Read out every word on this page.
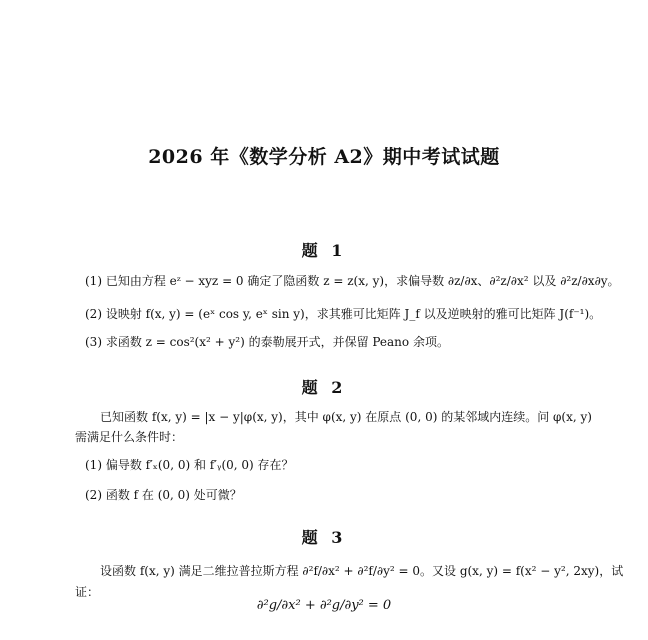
2026 年《数学分析 A2》期中考试试题
题 1
(1) 已知由方程 eᶻ − xyz = 0 确定了隐函数 z = z(x, y)，求偏导数 ∂z/∂x、∂²z/∂x² 以及 ∂²z/∂x∂y。
(2) 设映射 f(x, y) = (eˣ cos y, eˣ sin y)，求其雅可比矩阵 J_f 以及逆映射的雅可比矩阵 J(f⁻¹)。
(3) 求函数 z = cos²(x² + y²) 的泰勒展开式，并保留 Peano 余项。
题 2
已知函数 f(x, y) = |x − y|φ(x, y)，其中 φ(x, y) 在原点 (0, 0) 的某邻域内连续。问 φ(x, y)
需满足什么条件时：
(1) 偏导数 f′ₓ(0, 0) 和 f′ᵧ(0, 0) 存在？
(2) 函数 f 在 (0, 0) 处可微？
题 3
设函数 f(x, y) 满足二维拉普拉斯方程 ∂²f/∂x² + ∂²f/∂y² = 0。又设 g(x, y) = f(x² − y², 2xy)，试
证：
∂²g/∂x² + ∂²g/∂y² = 0
